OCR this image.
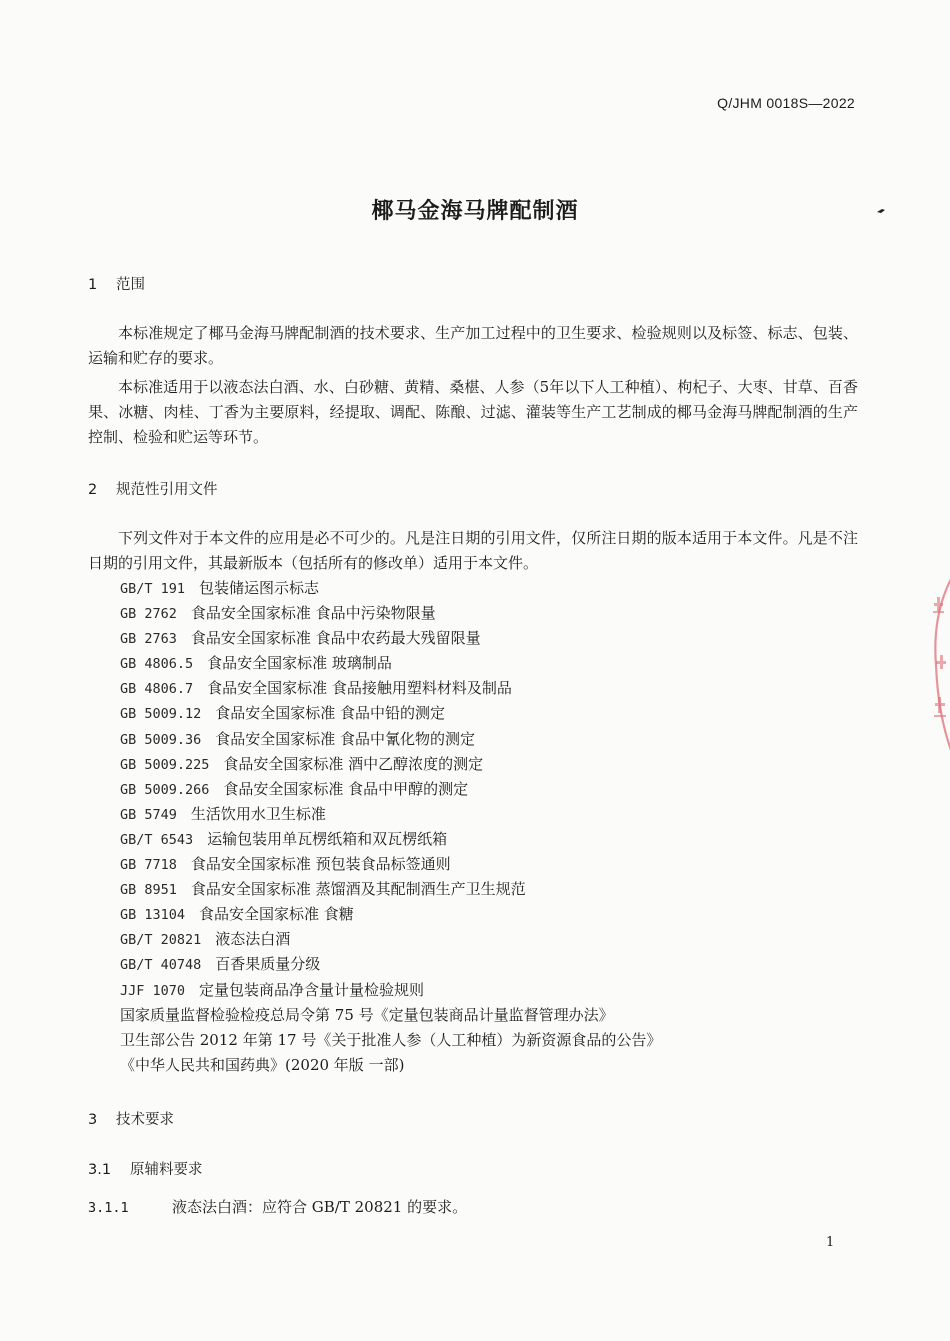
Q/JHM 0018S—2022
椰马金海马牌配制酒
1 范围
本标准规定了椰马金海马牌配制酒的技术要求、生产加工过程中的卫生要求、检验规则以及标签、标志、包装、运输和贮存的要求。
本标准适用于以液态法白酒、水、白砂糖、黄精、桑椹、人参（5年以下人工种植）、枸杞子、大枣、甘草、百香果、冰糖、肉桂、丁香为主要原料，经提取、调配、陈酿、过滤、灌装等生产工艺制成的椰马金海马牌配制酒的生产控制、检验和贮运等环节。
2 规范性引用文件
下列文件对于本文件的应用是必不可少的。凡是注日期的引用文件，仅所注日期的版本适用于本文件。凡是不注日期的引用文件，其最新版本（包括所有的修改单）适用于本文件。
GB/T 191 包装储运图示标志
GB 2762 食品安全国家标准 食品中污染物限量
GB 2763 食品安全国家标准 食品中农药最大残留限量
GB 4806.5 食品安全国家标准 玻璃制品
GB 4806.7 食品安全国家标准 食品接触用塑料材料及制品
GB 5009.12 食品安全国家标准 食品中铅的测定
GB 5009.36 食品安全国家标准 食品中氰化物的测定
GB 5009.225 食品安全国家标准 酒中乙醇浓度的测定
GB 5009.266 食品安全国家标准 食品中甲醇的测定
GB 5749 生活饮用水卫生标准
GB/T 6543 运输包装用单瓦楞纸箱和双瓦楞纸箱
GB 7718 食品安全国家标准 预包装食品标签通则
GB 8951 食品安全国家标准 蒸馏酒及其配制酒生产卫生规范
GB 13104 食品安全国家标准 食糖
GB/T 20821 液态法白酒
GB/T 40748 百香果质量分级
JJF 1070 定量包装商品净含量计量检验规则
国家质量监督检验检疫总局令第 75 号《定量包装商品计量监督管理办法》
卫生部公告 2012 年第 17 号《关于批准人参（人工种植）为新资源食品的公告》
《中华人民共和国药典》(2020 年版 一部)
3 技术要求
3.1 原辅料要求
3.1.1	液态法白酒：应符合 GB/T 20821 的要求。
1
